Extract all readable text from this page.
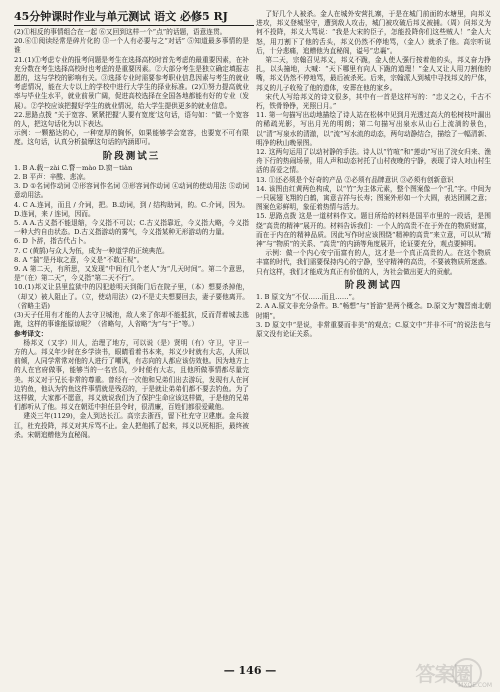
45分钟课时作业与单元测试 语文 必修5 RJ

(2)①相反的事情组合在一起 ⑥又回到这样一个“点”的话题，语意连贯。

20.⑥①阅读经常是碎片化的 ③一个人有必要与之“对话” ⑤知道最多事情的是谁

21.(1)①考虑专业的报考问题是考生在选择高校时首先考虑的最重要因素，在补充分数在考生选择高校时也考虑的是重要因素。②大部分考生是独立确定填报志愿的，这与学校的影响有关。③选择专业时需要参考职业信息因素与考生的就业考虑情况，能在大专以上的学校中进行大学生的择业标准。(2)①努力提高就业率与毕业生水平，就业前景广阔，促进高校选择在全国各地都能有好的专业（发展）。②学校应该把握好学生的就业情况，给大学生提供更多的就业信息。

22.思路点拨 “关于宽容、紧紧把握‘人要有宽度’这句话，语句如：“做一个宽容的人，把这句话化为以下表达。

示例：一颗豁达的心，一种宽厚的胸怀，如果能够学会宽容，也要宽不可有限度。这句话，认真分析揣摩这句话的内涵即可。

阶段测试三

1. B A.载－zài C.瞀－mào D.窗－tiàn

2. B 平声：辛酸、悲凉。

3. D ①名词作动词 ②形容词作名词 ③形容词作动词 ④动词的使动用法 ⑤动词意动用法。

4. C A.连词，而且 / 介词，把。B.动词，到 / 结构助词，的。C.介词，因为。D.连词，来 / 连词，因而。

5. A A.古义指不能退缩，今义指不可以；C.古义指靠近，今义指大略，今义指一种大约自由状态。D.古义指游动的雾气，今义指某种无形游动的力量。

6. D 卜辞，指古代占卜。

7. C (黄鹄)与众人为伍，成为一种道学的正统典范。

8. A “揣”是丹取之意，今义是“不敢正视”。

9. A 第二天，有所思，又发现“中间有几个老人”为“几天时间”。第二个意思，是“（在）第二天”，今义指“第二天不行”。

10.(1)邦义让县里监狱中的囚犯趁明天到衙门后在院子里，（本）想要杀掉他，（却又）被人阻止了。（立，使动用法）(2)不是丈夫想要回去，妻子要他离开。（省略主语)

(3)天子任用有才能的人去守卫城池，敌人来了你却不能抵抗，反而背着城去逃跑，这样的事谁能原谅呢？（省略句，人省略“为”与“于”等。）

参考译文：

杨邦义（又字）川人，治理了地方，可以说（是）贤明（有）守卫，守卫一方的人。邦义年少时在乡学读书，眼睛看着书本来，邦义少时就有大志，人所以前倾，人同学常常对他的人进行了嘲讽，有志向的人都应该仿效他。因为地方上的人在官府做事，能够当的一名官员，少时便有大志，且他所做事情都尽量完美。邦义对于兄长非常的尊重。曾经有一次他和兄弟们出去游玩，发现有人在河边钓鱼，他认为钓鱼这件事情就是残忍的，于是就让弟弟们都不要去钓鱼。为了这样做，大家都不愿意，邦义就说我们为了保护生命应该这样做，于是他的兄弟们都听从了他。邦义在朝廷中担任县令时，很清廉，百姓们都很爱戴他。

建炎三年(1129)，金人到达长江。高宗去浙西，留下杜充守卫建康。金兵渡江，杜充投降，邦义对其斥骂不止。金人把他抓了起来，邦义以死相拒，最终被杀。宋朝追赠他为直秘阁。

了好几个人被杀。金人在城外安营扎寨，于是在城门前面的水塘里，向邦义进攻，邦义登城坚守，遭到敌人攻击，城门被攻破后邦义被捕。（周）问邦义为何不投降，邦义大骂说：“我是大宋的臣子，怎能投降你们这些贼人！”金人大怒，用刀割下了他的舌头，邦义仍然不停地骂，（金人）就杀了他。高宗听说后，十分悲痛，追赠他为直秘阁，谥号“忠襄”。

第二天，宗翰召见邦义，邦义不跪，金人使人强行按着他的头，邦义奋力挣扎，以头撞地，大喊：“天下哪里有向人下跪的道理！”金人又让人用刀割他的嘴，邦义仍然不停地骂，最后被杀死。后来，宗翰派人到城中寻找邦义的尸体，邦义的儿子收殓了他的遗体，安葬在他的家乡。

宋代人写给邦义的诗文很多，其中有一首是这样写的：“忠义之心，千古不朽，铁骨铮铮，光照日月。”

11. 第一句描写出动地描绘了诗人站在松林中见到月光透过高大的松树枝叶漏出的稀疏光影，写出月光的明朗；第二句描写出泉水从山石上流淌的景色，以“清”写泉水的清澈，以“流”写水流的动态，两句动静结合，描绘了一幅清新、明净的秋山晚景图。

12. 这两句运用了以动衬静的手法。诗人以“竹喧”和“莲动”写出了浣女归来、渔舟下行的热闹场景，用人声和动态衬托了山村夜晚的宁静，表现了诗人对山村生活的喜爱之情。

13. ①还必须是个好奇的产品 ②必须有品牌意识 ③必须有创新意识

14. 该图由红黄两色构成，以“竹”为主体元素，整个图案像一个“孔”字。中间为一只展翅飞翔的白鹤，寓意吉祥与长寿；图案外形如一个大圆，表达团圆之意；图案色彩鲜明，象征着热情与活力。

15. 思路点拨 这是一道材料作文。题目所给的材料是国平市里的一段话，是围绕“高贵的精神”展开的。材料告诉我们：一个人的高贵不在于外在的物质财富，而在于内在的精神品质。因此写作时应该围绕“精神的高贵”来立意，可以从“精神”与“物质”的关系、“高贵”的内涵等角度展开，论证要充分，观点要鲜明。

示例：做一个内心安宁而富有的人，这才是一个真正高贵的人。在这个物质丰富的时代，我们需要保持内心的宁静，坚守精神的高贵，不要被物质所迷惑。只有这样，我们才能成为真正有价值的人，为社会做出更大的贡献。

阶段测试四

1. B 原文为“不仅……而且……”。

2. A A.原文非充分条件。B.“畅想”与“旨游”是两个概念。D.原文为“魏晋南北朝时期”。

3. D 原文中“是说，非常重要而非美”的观点；C.原文中“并非不可”的说法也与原文没有论证关系。

— 146 —	答案圈
MXQE.COM
